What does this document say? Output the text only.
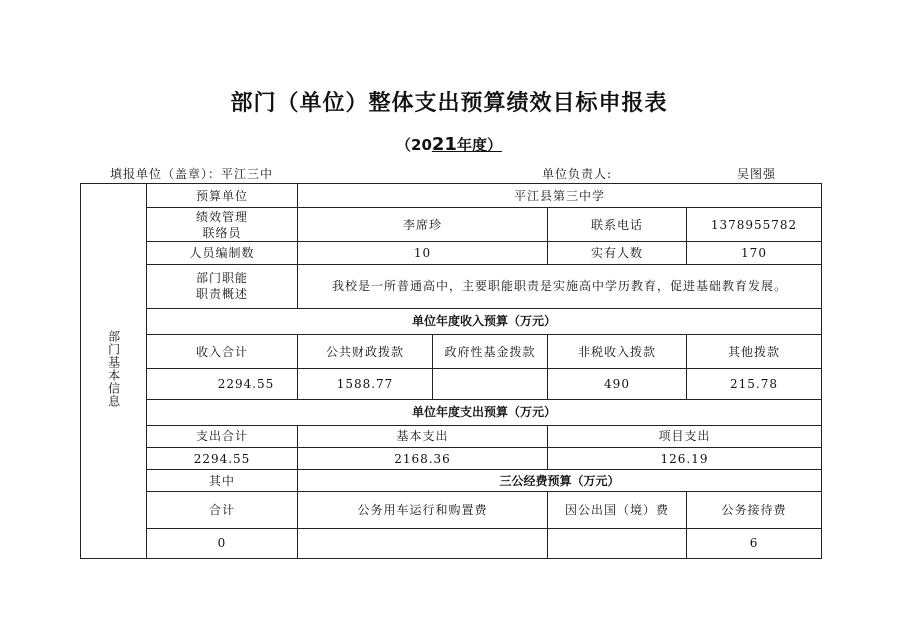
部门（单位）整体支出预算绩效目标申报表
（2021年度）
填报单位（盖章）：平江三中	单位负责人:	吴图强
部门基本信息	预算单位	平江县第三中学			

	绩效管理
联络员	李席珍		联系电话	1378955782
	人员编制数	10		实有人数	170

	部门职能
职责概述	我校是一所普通高中，主要职能职责是实施高中学历教育，促进基础教育发展。			
	单位年度收入预算（万元）				
	收入合计	公共财政拨款	政府性基金拨款	非税收入拨款	其他拨款
	2294.55	1588.77		490	215.78
	单位年度支出预算（万元）				
	支出合计	基本支出		项目支出	
	2294.55	2168.36		126.19	
	其中	三公经费预算（万元）			
	合计	公务用车运行和购置费		因公出国（境）费	公务接待费
	0				6
